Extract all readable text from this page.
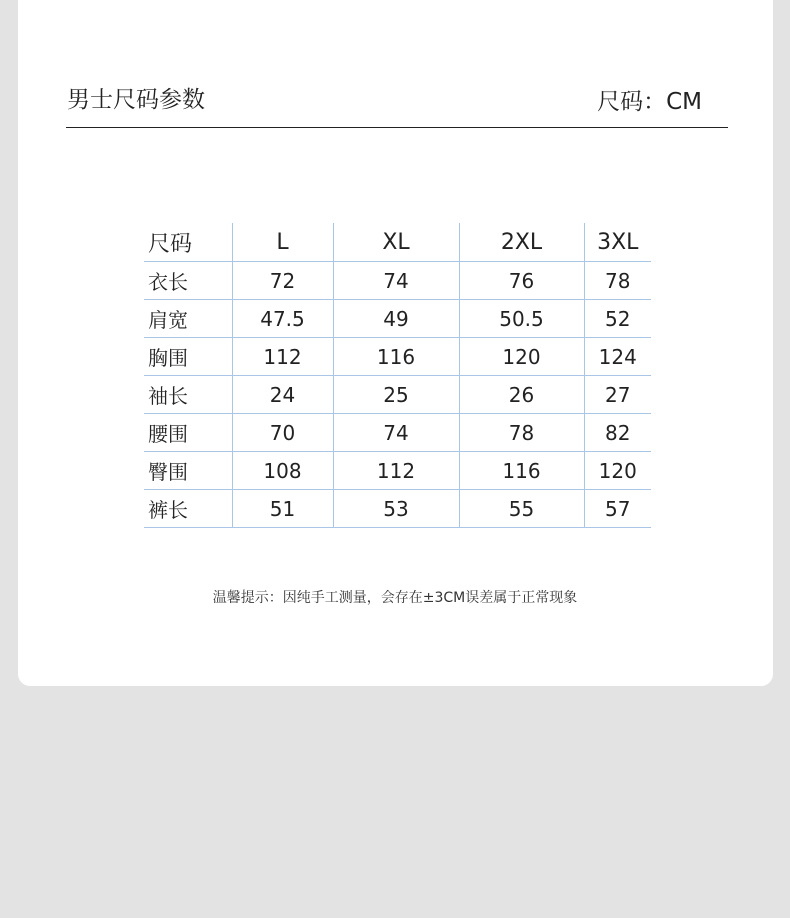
男士尺码参数	尺码：CM
尺码	L	XL	2XL	3XL
衣长	72	74	76	78
肩宽	47.5	49	50.5	52
胸围	112	116	120	124
袖长	24	25	26	27
腰围	70	74	78	82
臀围	108	112	116	120
裤长	51	53	55	57
温馨提示：因纯手工测量，会存在±3CM误差属于正常现象
